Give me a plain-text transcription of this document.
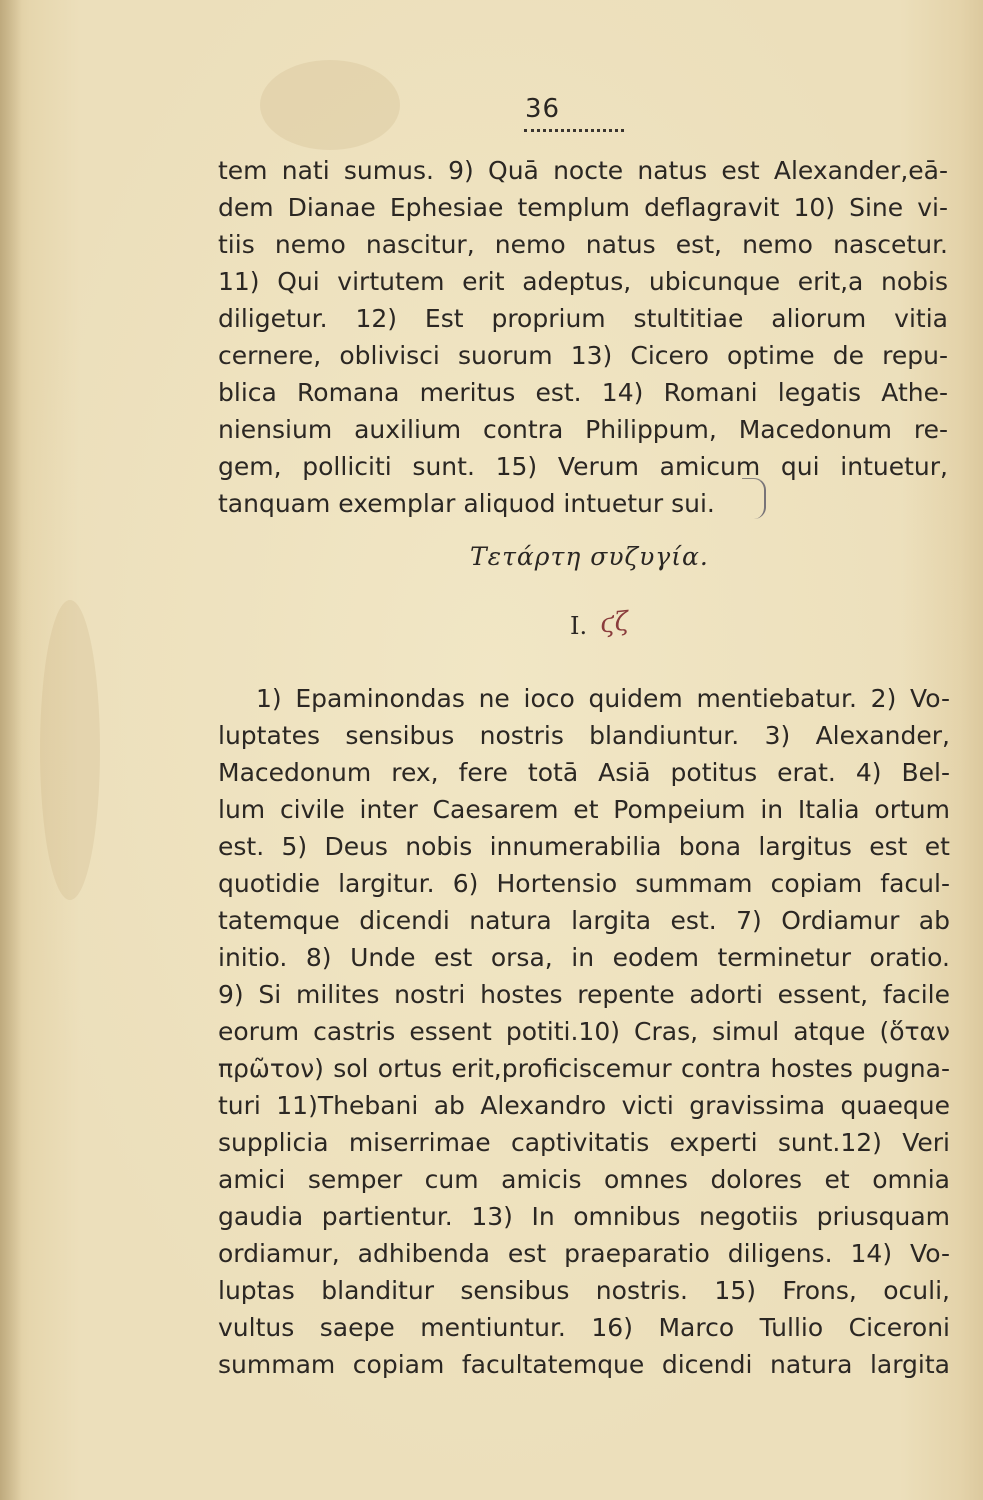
36
tem nati sumus. 9) Quā nocte natus est Alexander,eā-
dem Dianae Ephesiae templum deflagravit 10) Sine vi-
tiis nemo nascitur, nemo natus est, nemo nascetur.
11) Qui virtutem erit adeptus, ubicunque erit,a nobis
diligetur. 12) Est proprium stultitiae aliorum vitia
cernere, oblivisci suorum 13) Cicero optime de repu-
blica Romana meritus est. 14) Romani legatis Athe-
niensium auxilium contra Philippum, Macedonum re-
gem, polliciti sunt. 15) Verum amicum qui intuetur,
tanquam exemplar aliquod intuetur sui.
Τετάρτη συζυγία.
I. ϛζ
1) Epaminondas ne ioco quidem mentiebatur. 2) Vo-
luptates sensibus nostris blandiuntur. 3) Alexander,
Macedonum rex, fere totā Asiā potitus erat. 4) Bel-
lum civile inter Caesarem et Pompeium in Italia ortum
est. 5) Deus nobis innumerabilia bona largitus est et
quotidie largitur. 6) Hortensio summam copiam facul-
tatemque dicendi natura largita est. 7) Ordiamur ab
initio. 8) Unde est orsa, in eodem terminetur oratio.
9) Si milites nostri hostes repente adorti essent, facile
eorum castris essent potiti.10) Cras, simul atque (ὅταν
πρῶτον) sol ortus erit,proficiscemur contra hostes pugna-
turi 11)Thebani ab Alexandro victi gravissima quaeque
supplicia miserrimae captivitatis experti sunt.12) Veri
amici semper cum amicis omnes dolores et omnia
gaudia partientur. 13) In omnibus negotiis priusquam
ordiamur, adhibenda est praeparatio diligens. 14) Vo-
luptas blanditur sensibus nostris. 15) Frons, oculi,
vultus saepe mentiuntur. 16) Marco Tullio Ciceroni
summam copiam facultatemque dicendi natura largita
